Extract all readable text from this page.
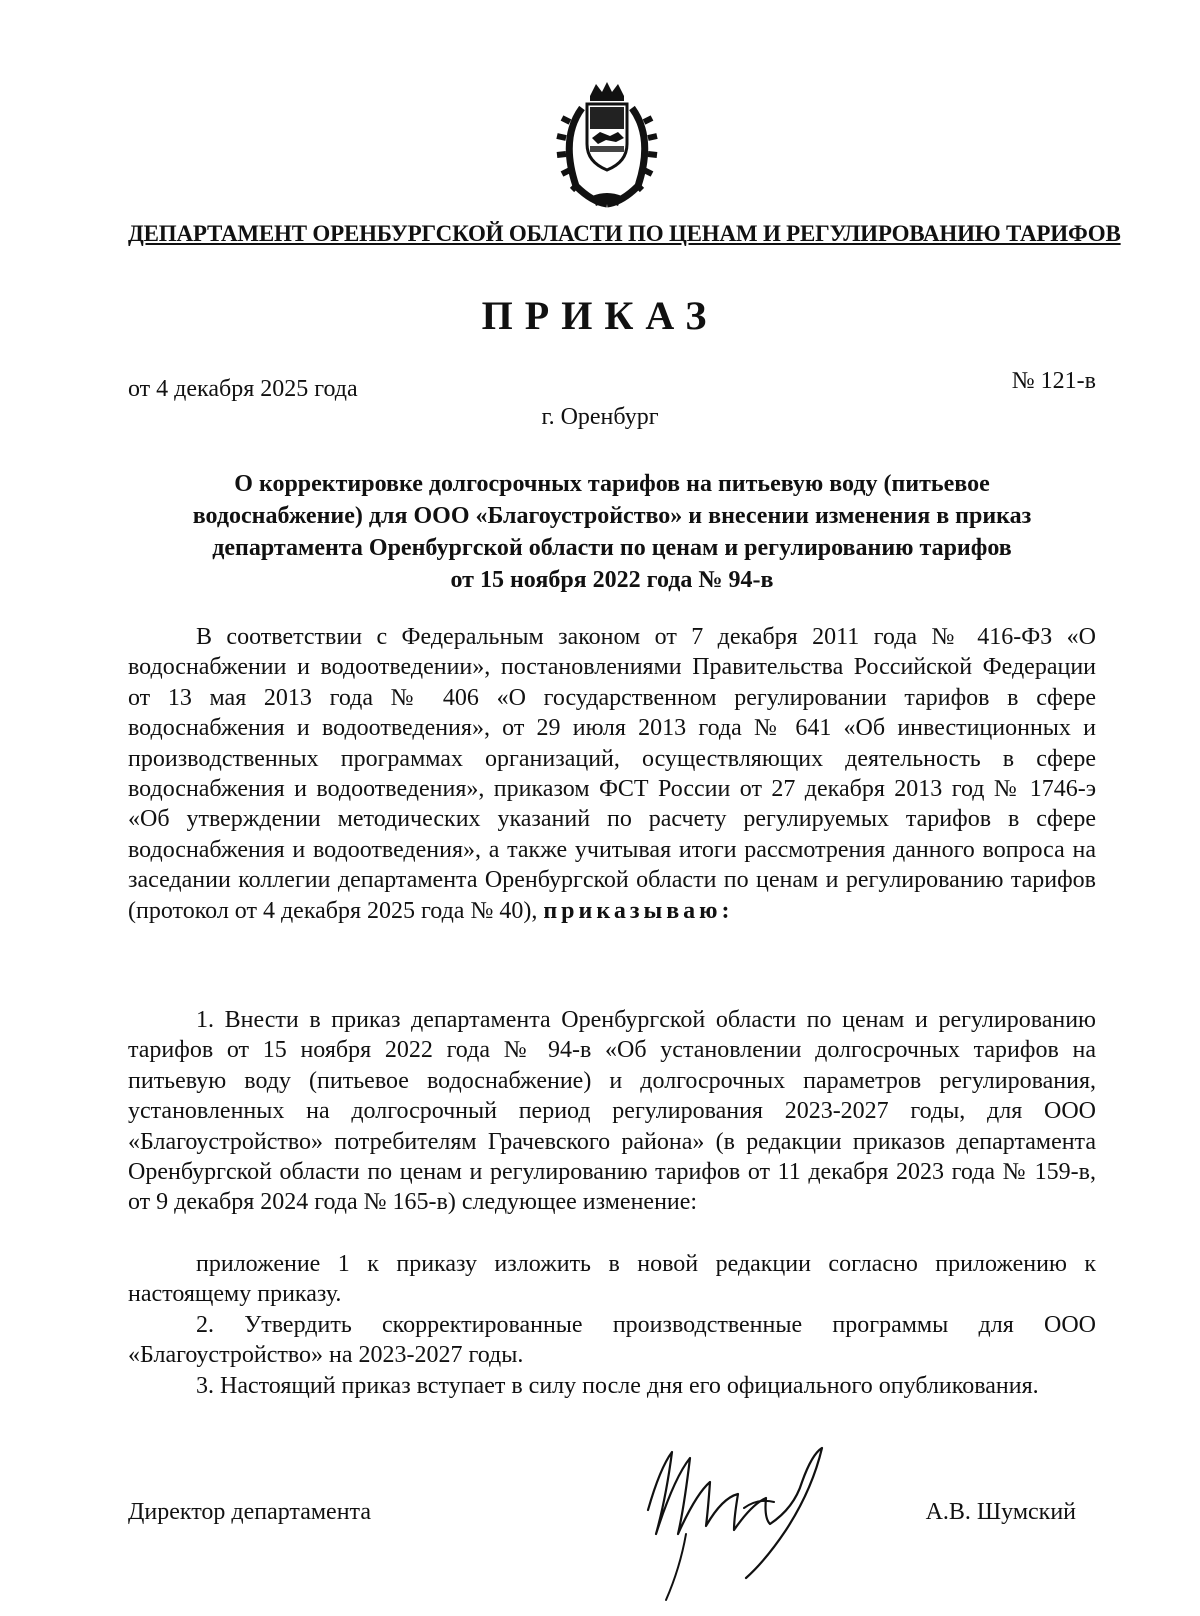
ДЕПАРТАМЕНТ ОРЕНБУРГСКОЙ ОБЛАСТИ ПО ЦЕНАМ И РЕГУЛИРОВАНИЮ ТАРИФОВ
ПРИКАЗ
от 4 декабря 2025 года	№ 121-в
г. Оренбург
О корректировке долгосрочных тарифов на питьевую воду (питьевое
водоснабжение) для ООО «Благоустройство» и внесении изменения в приказ
департамента Оренбургской области по ценам и регулированию тарифов
от 15 ноября 2022 года № 94-в
В соответствии с Федеральным законом от 7 декабря 2011 года № 416-ФЗ «О водоснабжении и водоотведении», постановлениями Правительства Российской Федерации от 13 мая 2013 года № 406 «О государственном регулировании тарифов в сфере водоснабжения и водоотведения», от 29 июля 2013 года № 641 «Об инвестиционных и производственных программах организаций, осуществляющих деятельность в сфере водоснабжения и водоотведения», приказом ФСТ России от 27 декабря 2013 год № 1746-э «Об утверждении методических указаний по расчету регулируемых тарифов в сфере водоснабжения и водоотведения», а также учитывая итоги рассмотрения данного вопроса на заседании коллегии департамента Оренбургской области по ценам и регулированию тарифов (протокол от 4 декабря 2025 года № 40), приказываю:
1. Внести в приказ департамента Оренбургской области по ценам и регулированию тарифов от 15 ноября 2022 года № 94-в «Об установлении долгосрочных тарифов на питьевую воду (питьевое водоснабжение) и долгосрочных параметров регулирования, установленных на долгосрочный период регулирования 2023-2027 годы, для ООО «Благоустройство» потребителям Грачевского района» (в редакции приказов департамента Оренбургской области по ценам и регулированию тарифов от 11 декабря 2023 года № 159-в, от 9 декабря 2024 года № 165-в) следующее изменение:
приложение 1 к приказу изложить в новой редакции согласно приложению к настоящему приказу.
2. Утвердить скорректированные производственные программы для ООО «Благоустройство» на 2023-2027 годы.
3. Настоящий приказ вступает в силу после дня его официального опубликования.
Директор департамента	А.В. Шумский
